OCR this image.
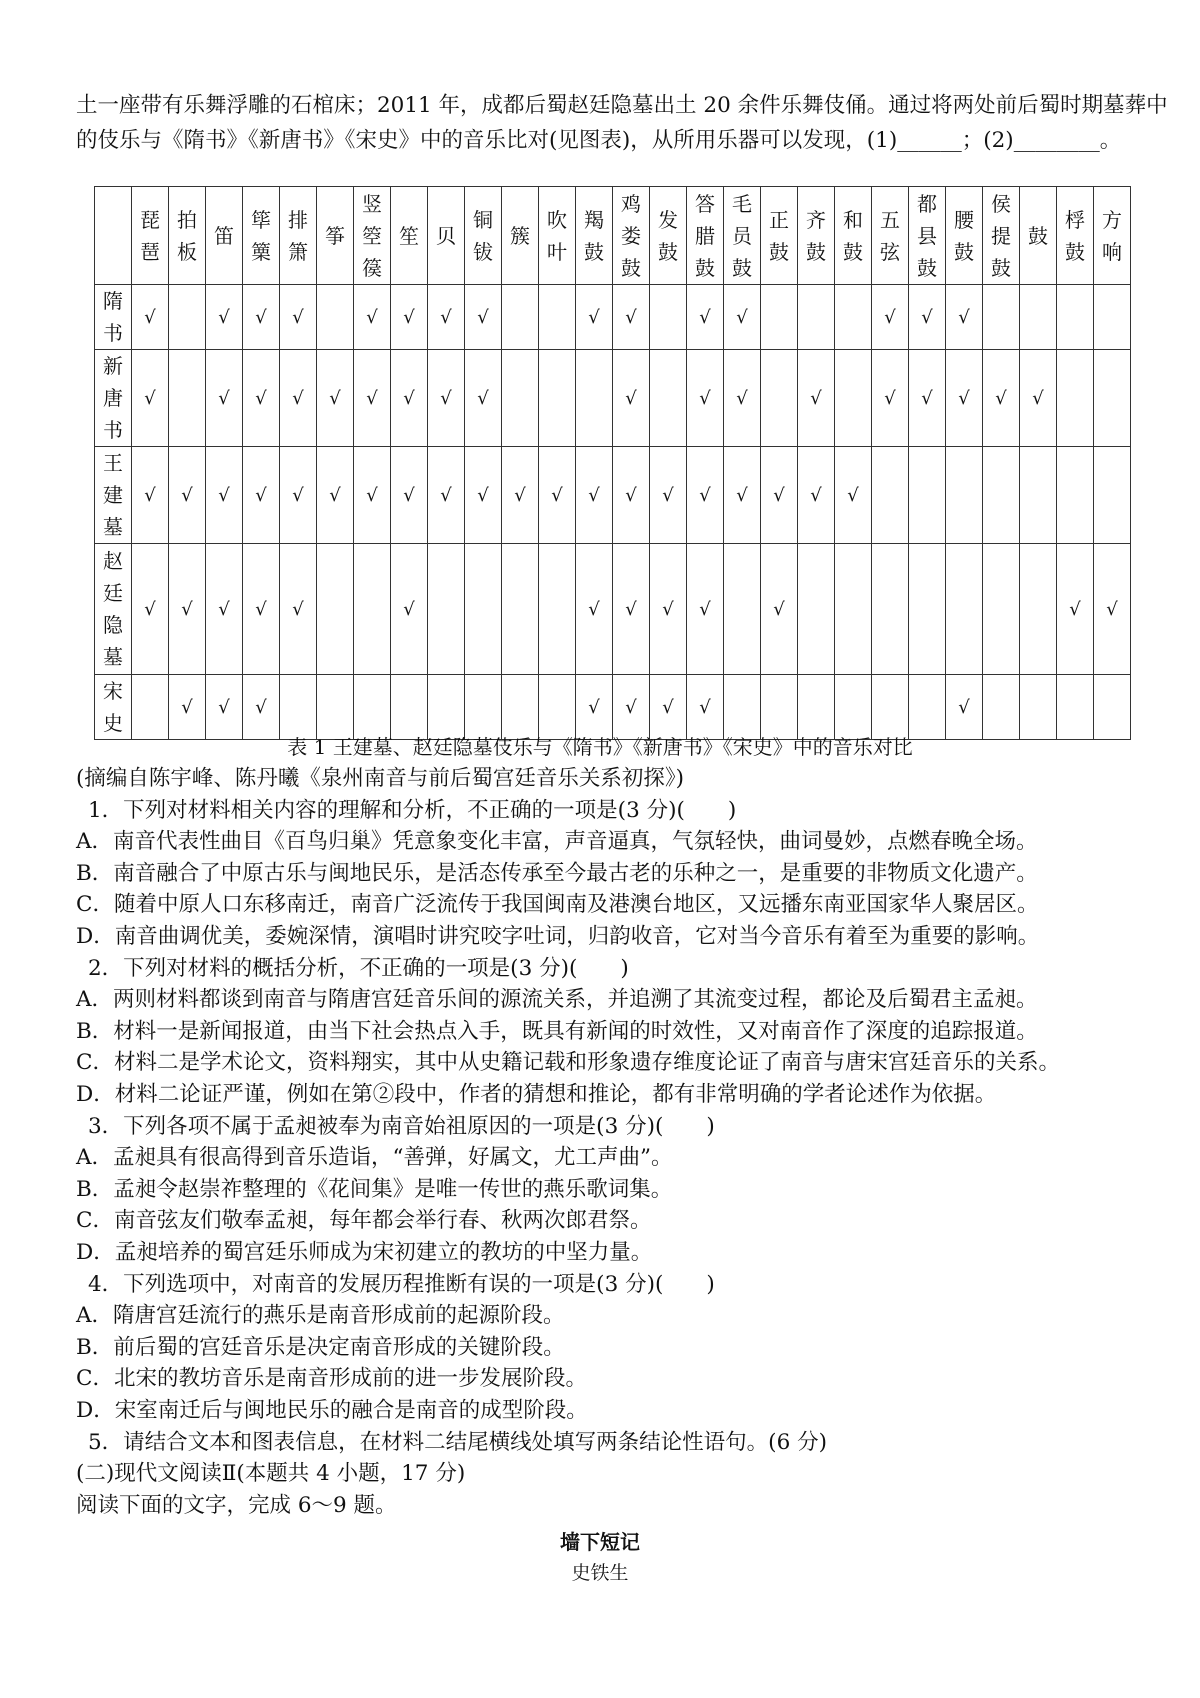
土一座带有乐舞浮雕的石棺床；2011 年，成都后蜀赵廷隐墓出土 20 余件乐舞伎俑。通过将两处前后蜀时期墓葬中
的伎乐与《隋书》《新唐书》《宋史》中的音乐比对(见图表)，从所用乐器可以发现，(1)______；(2)________。
	琵琶	拍板	笛	筚篥	排箫	筝	竖箜篌	笙	贝	铜钹	簇	吹叶	羯鼓	鸡娄鼓	发鼓	答腊鼓	毛员鼓	正鼓	齐鼓	和鼓	五弦	都县鼓	腰鼓	侯提鼓	鼓	桴鼓	方响
隋书	√		√	√	√		√	√	√	√			√	√		√	√				√	√	√				
新唐书	√		√	√	√	√	√	√	√	√				√		√	√		√		√	√	√	√	√		
王建墓	√	√	√	√	√	√	√	√	√	√	√	√	√	√	√	√	√	√	√	√							
赵廷隐墓	√	√	√	√	√			√					√	√	√	√		√								√	√
宋史		√	√	√									√	√	√	√							√				
表 1 王建墓、赵廷隐墓伎乐与《隋书》《新唐书》《宋史》中的音乐对比
(摘编自陈宇峰、陈丹曦《泉州南音与前后蜀宫廷音乐关系初探》)
1．下列对材料相关内容的理解和分析，不正确的一项是(3 分)(　　)
A．南音代表性曲目《百鸟归巢》凭意象变化丰富，声音逼真，气氛轻快，曲词曼妙，点燃春晚全场。
B．南音融合了中原古乐与闽地民乐，是活态传承至今最古老的乐种之一，是重要的非物质文化遗产。
C．随着中原人口东移南迁，南音广泛流传于我国闽南及港澳台地区，又远播东南亚国家华人聚居区。
D．南音曲调优美，委婉深情，演唱时讲究咬字吐词，归韵收音，它对当今音乐有着至为重要的影响。
2．下列对材料的概括分析，不正确的一项是(3 分)(　　)
A．两则材料都谈到南音与隋唐宫廷音乐间的源流关系，并追溯了其流变过程，都论及后蜀君主孟昶。
B．材料一是新闻报道，由当下社会热点入手，既具有新闻的时效性，又对南音作了深度的追踪报道。
C．材料二是学术论文，资料翔实，其中从史籍记载和形象遗存维度论证了南音与唐宋宫廷音乐的关系。
D．材料二论证严谨，例如在第②段中，作者的猜想和推论，都有非常明确的学者论述作为依据。
3．下列各项不属于孟昶被奉为南音始祖原因的一项是(3 分)(　　)
A．孟昶具有很高得到音乐造诣，“善弹，好属文，尤工声曲”。
B．孟昶令赵崇祚整理的《花间集》是唯一传世的燕乐歌词集。
C．南音弦友们敬奉孟昶，每年都会举行春、秋两次郎君祭。
D．孟昶培养的蜀宫廷乐师成为宋初建立的教坊的中坚力量。
4．下列选项中，对南音的发展历程推断有误的一项是(3 分)(　　)
A．隋唐宫廷流行的燕乐是南音形成前的起源阶段。
B．前后蜀的宫廷音乐是决定南音形成的关键阶段。
C．北宋的教坊音乐是南音形成前的进一步发展阶段。
D．宋室南迁后与闽地民乐的融合是南音的成型阶段。
5．请结合文本和图表信息，在材料二结尾横线处填写两条结论性语句。(6 分)
(二)现代文阅读Ⅱ(本题共 4 小题，17 分)
阅读下面的文字，完成 6～9 题。
墙下短记
史铁生
